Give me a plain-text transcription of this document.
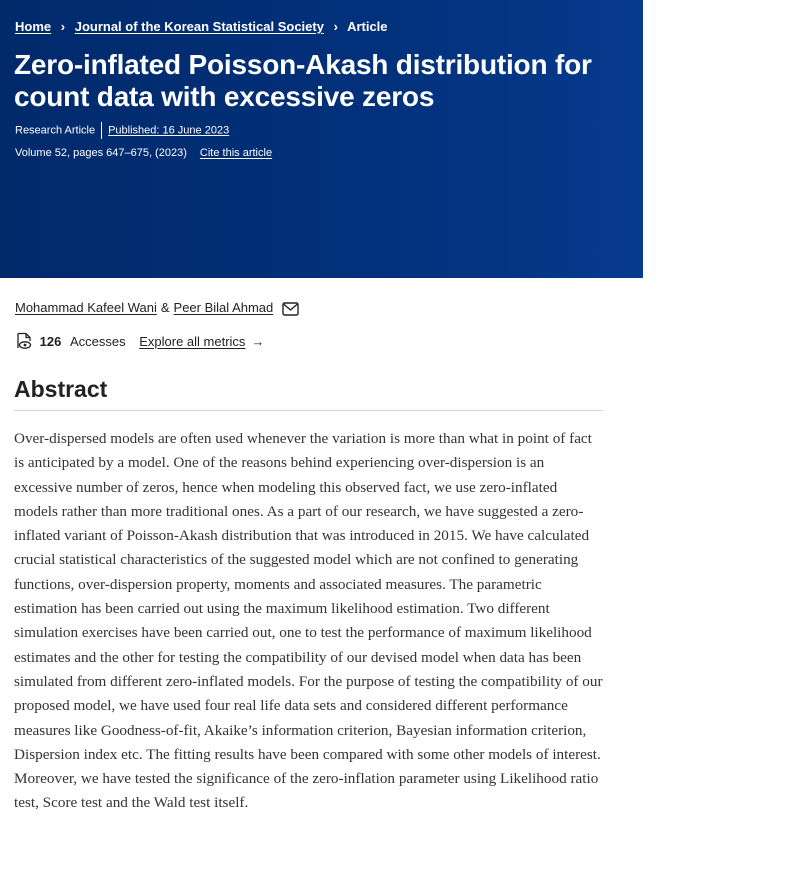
Home › Journal of the Korean Statistical Society › Article
Zero-inflated Poisson-Akash distribution for count data with excessive zeros
Research Article Published: 16 June 2023
Volume 52, pages 647–675, (2023) Cite this article
Mohammad Kafeel Wani & Peer Bilal Ahmad
126 Accesses Explore all metrics →
Abstract

Over-dispersed models are often used whenever the variation is more than what in point of fact is anticipated by a model. One of the reasons behind experiencing over-dispersion is an excessive number of zeros, hence when modeling this observed fact, we use zero-inflated models rather than more traditional ones. As a part of our research, we have suggested a zero-inflated variant of Poisson-Akash distribution that was introduced in 2015. We have calculated crucial statistical characteristics of the suggested model which are not confined to generating functions, over-dispersion property, moments and associated measures. The parametric estimation has been carried out using the maximum likelihood estimation. Two different simulation exercises have been carried out, one to test the performance of maximum likelihood estimates and the other for testing the compatibility of our devised model when data has been simulated from different zero-inflated models. For the purpose of testing the compatibility of our proposed model, we have used four real life data sets and considered different performance measures like Goodness-of-fit, Akaike’s information criterion, Bayesian information criterion, Dispersion index etc. The fitting results have been compared with some other models of interest. Moreover, we have tested the significance of the zero-inflation parameter using Likelihood ratio test, Score test and the Wald test itself.
